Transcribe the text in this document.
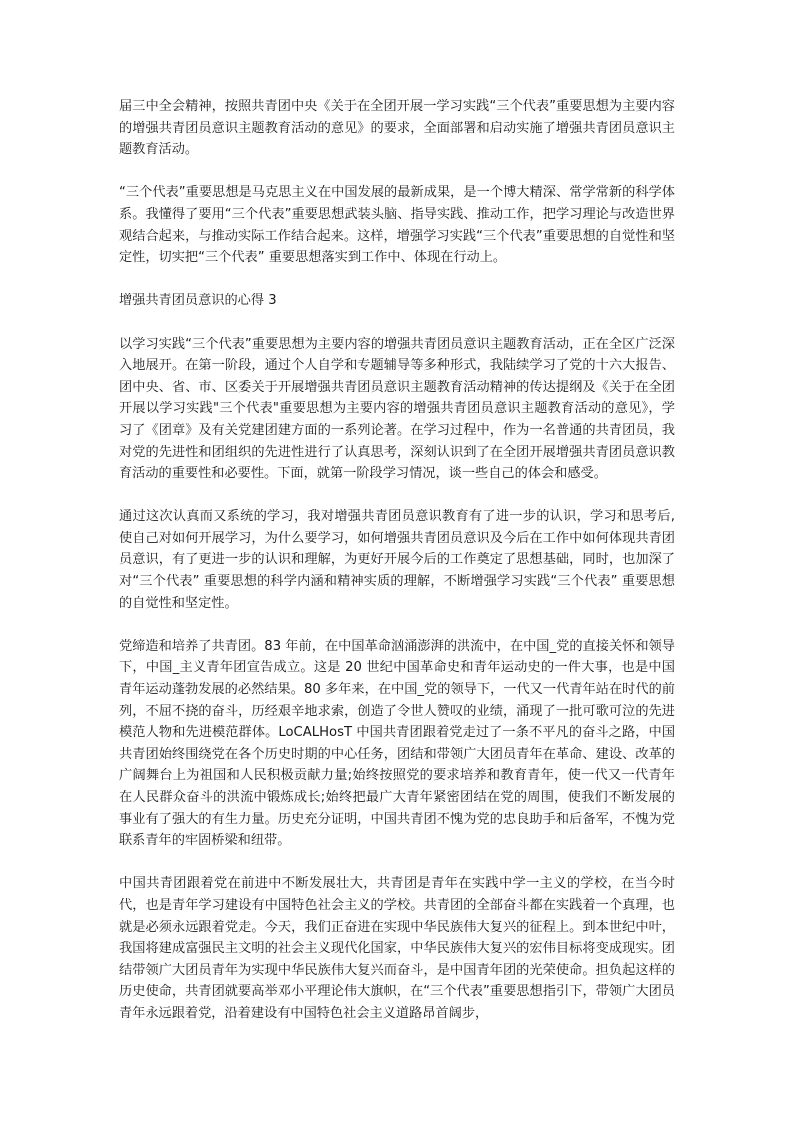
届三中全会精神，按照共青团中央《关于在全团开展一学习实践“三个代表”重要思想为主要内容的增强共青团员意识主题教育活动的意见》的要求，全面部署和启动实施了增强共青团员意识主题教育活动。

“三个代表”重要思想是马克思主义在中国发展的最新成果，是一个博大精深、常学常新的科学体系。我懂得了要用“三个代表”重要思想武装头脑、指导实践、推动工作，把学习理论与改造世界观结合起来，与推动实际工作结合起来。这样，增强学习实践“三个代表”重要思想的自觉性和坚定性，切实把“三个代表” 重要思想落实到工作中、体现在行动上。

增强共青团员意识的心得 3

以学习实践“三个代表”重要思想为主要内容的增强共青团员意识主题教育活动，正在全区广泛深入地展开。在第一阶段，通过个人自学和专题辅导等多种形式，我陆续学习了党的十六大报告、团中央、省、市、区委关于开展增强共青团员意识主题教育活动精神的传达提纲及《关于在全团开展以学习实践"三个代表"重要思想为主要内容的增强共青团员意识主题教育活动的意见》，学习了《团章》及有关党建团建方面的一系列论著。在学习过程中，作为一名普通的共青团员，我对党的先进性和团组织的先进性进行了认真思考，深刻认识到了在全团开展增强共青团员意识教育活动的重要性和必要性。下面，就第一阶段学习情况，谈一些自己的体会和感受。

通过这次认真而又系统的学习，我对增强共青团员意识教育有了进一步的认识，学习和思考后,使自己对如何开展学习，为什么要学习，如何增强共青团员意识及今后在工作中如何体现共青团员意识，有了更进一步的认识和理解，为更好开展今后的工作奠定了思想基础，同时，也加深了对“三个代表” 重要思想的科学内涵和精神实质的理解，不断增强学习实践“三个代表” 重要思想的自觉性和坚定性。

党缔造和培养了共青团。83 年前，在中国革命汹涌澎湃的洪流中，在中国_党的直接关怀和领导下，中国_主义青年团宣告成立。这是 20 世纪中国革命史和青年运动史的一件大事，也是中国青年运动蓬勃发展的必然结果。80 多年来，在中国_党的领导下，一代又一代青年站在时代的前列，不屈不挠的奋斗，历经艰辛地求索，创造了令世人赞叹的业绩，涌现了一批可歌可泣的先进模范人物和先进模范群体。LoCALHosT 中国共青团跟着党走过了一条不平凡的奋斗之路，中国共青团始终围绕党在各个历史时期的中心任务，团结和带领广大团员青年在革命、建设、改革的广阔舞台上为祖国和人民积极贡献力量;始终按照党的要求培养和教育青年，使一代又一代青年在人民群众奋斗的洪流中锻炼成长;始终把最广大青年紧密团结在党的周围，使我们不断发展的事业有了强大的有生力量。历史充分证明，中国共青团不愧为党的忠良助手和后备军，不愧为党联系青年的牢固桥梁和纽带。

中国共青团跟着党在前进中不断发展壮大，共青团是青年在实践中学一主义的学校，在当今时代，也是青年学习建设有中国特色社会主义的学校。共青团的全部奋斗都在实践着一个真理，也就是必须永远跟着党走。今天，我们正奋进在实现中华民族伟大复兴的征程上。到本世纪中叶，我国将建成富强民主文明的社会主义现代化国家，中华民族伟大复兴的宏伟目标将变成现实。团结带领广大团员青年为实现中华民族伟大复兴而奋斗，是中国青年团的光荣使命。担负起这样的历史使命，共青团就要高举邓小平理论伟大旗帜，在“三个代表”重要思想指引下，带领广大团员青年永远跟着党，沿着建设有中国特色社会主义道路昂首阔步，
